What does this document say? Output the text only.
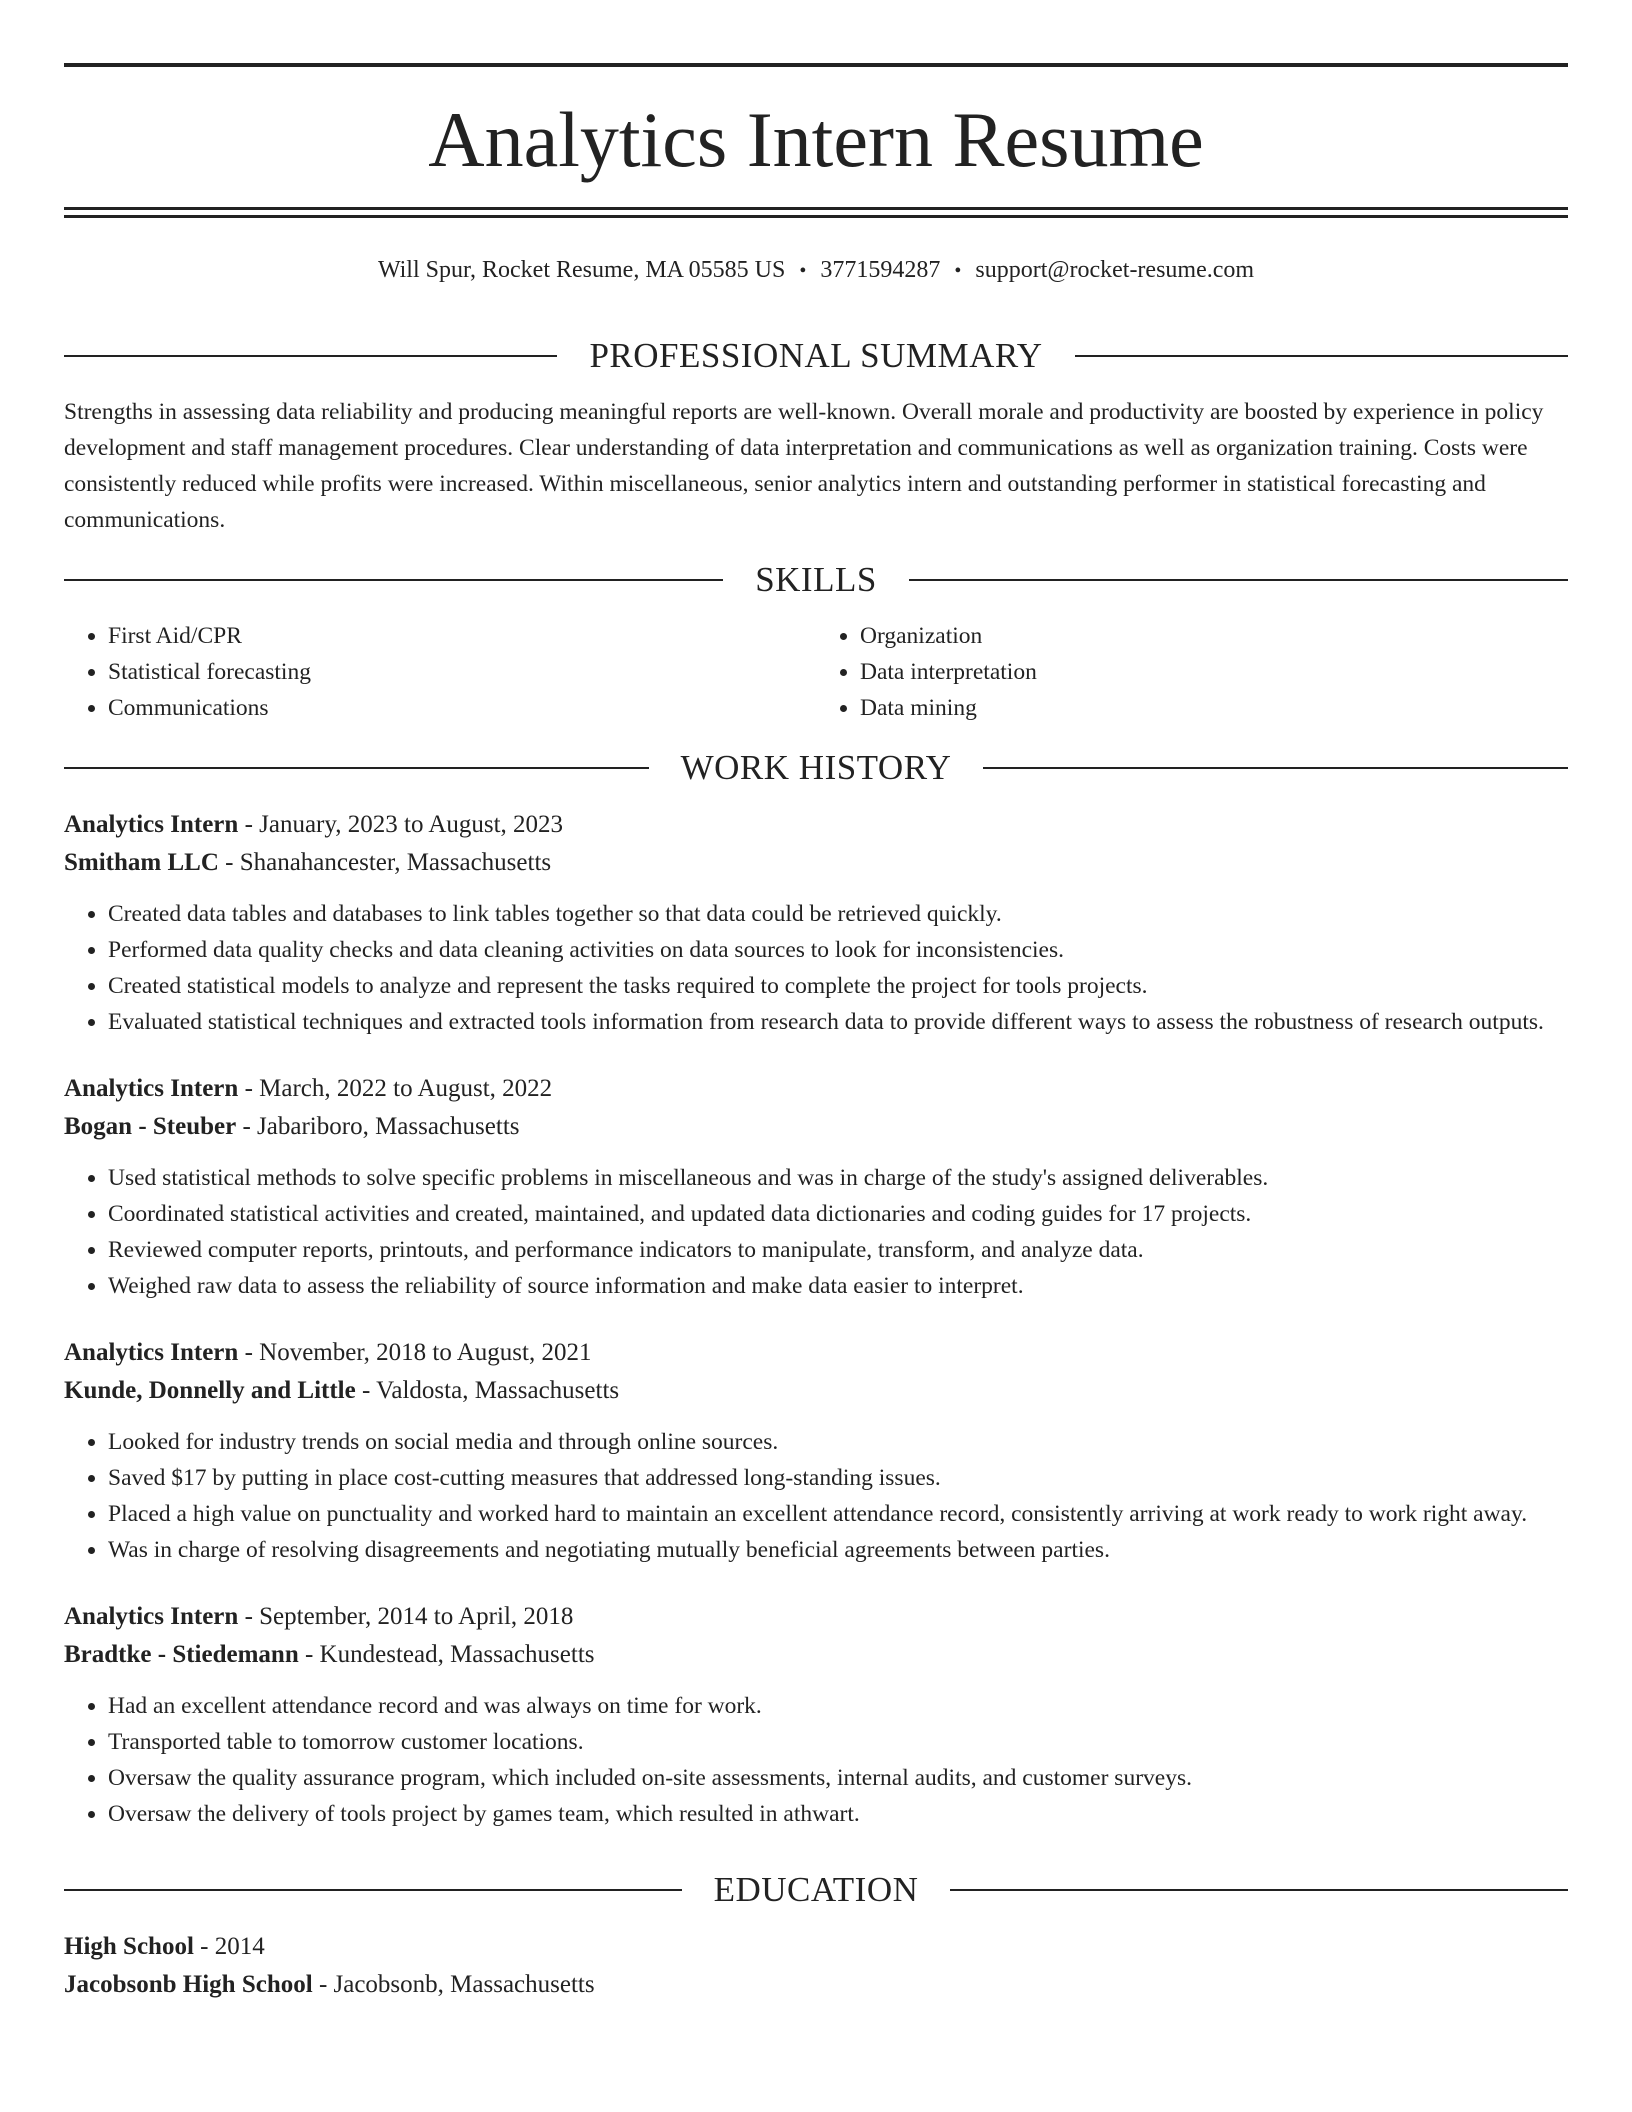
Analytics Intern Resume
Will Spur, Rocket Resume, MA 05585 US • 3771594287 • support@rocket-resume.com
PROFESSIONAL SUMMARY

Strengths in assessing data reliability and producing meaningful reports are well-known. Overall morale and productivity are boosted by experience in policy development and staff management procedures. Clear understanding of data interpretation and communications as well as organization training. Costs were consistently reduced while profits were increased. Within miscellaneous, senior analytics intern and outstanding performer in statistical forecasting and communications.

SKILLS
• First Aid/CPR
• Statistical forecasting
• Communications
• Organization
• Data interpretation
• Data mining
WORK HISTORY

Analytics Intern - January, 2023 to August, 2023

Smitham LLC - Shanahancester, Massachusetts

• Created data tables and databases to link tables together so that data could be retrieved quickly.
• Performed data quality checks and data cleaning activities on data sources to look for inconsistencies.
• Created statistical models to analyze and represent the tasks required to complete the project for tools projects.
• Evaluated statistical techniques and extracted tools information from research data to provide different ways to assess the robustness of research outputs.

Analytics Intern - March, 2022 to August, 2022

Bogan - Steuber - Jabariboro, Massachusetts

• Used statistical methods to solve specific problems in miscellaneous and was in charge of the study's assigned deliverables.
• Coordinated statistical activities and created, maintained, and updated data dictionaries and coding guides for 17 projects.
• Reviewed computer reports, printouts, and performance indicators to manipulate, transform, and analyze data.
• Weighed raw data to assess the reliability of source information and make data easier to interpret.

Analytics Intern - November, 2018 to August, 2021

Kunde, Donnelly and Little - Valdosta, Massachusetts

• Looked for industry trends on social media and through online sources.
• Saved $17 by putting in place cost-cutting measures that addressed long-standing issues.
• Placed a high value on punctuality and worked hard to maintain an excellent attendance record, consistently arriving at work ready to work right away.
• Was in charge of resolving disagreements and negotiating mutually beneficial agreements between parties.

Analytics Intern - September, 2014 to April, 2018

Bradtke - Stiedemann - Kundestead, Massachusetts

• Had an excellent attendance record and was always on time for work.
• Transported table to tomorrow customer locations.
• Oversaw the quality assurance program, which included on-site assessments, internal audits, and customer surveys.
• Oversaw the delivery of tools project by games team, which resulted in athwart.
EDUCATION

High School - 2014

Jacobsonb High School - Jacobsonb, Massachusetts
